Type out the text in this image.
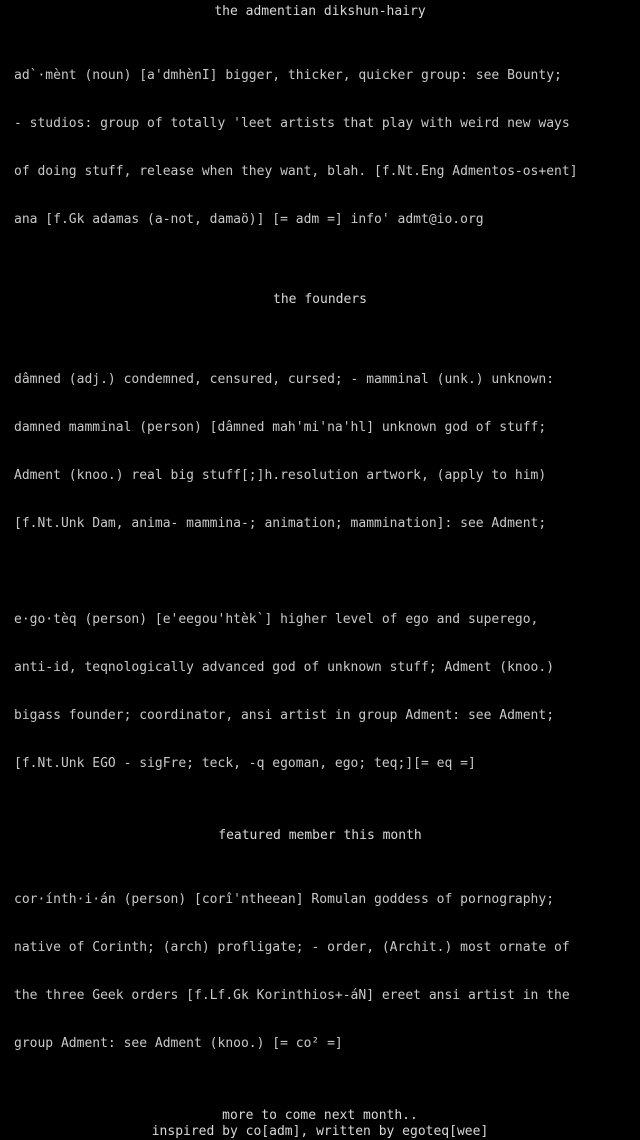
the admentian dikshun-hairy

ad`·mènt (noun) [a'dmhènI] bigger, thicker, quicker group: see Bounty;

- studios: group of totally 'leet artists that play with weird new ways

of doing stuff, release when they want, blah. [f.Nt.Eng Admentos-os+ent]

ana [f.Gk adamas (a-not, damaö)] [= adm =] info' admt@io.org

the founders

dâmned (adj.) condemned, censured, cursed; - mamminal (unk.) unknown:

damned mamminal (person) [dâmned mah'mi'na'hl] unknown god of stuff;

Adment (knoo.) real big stuff[;]h.resolution artwork, (apply to him)

[f.Nt.Unk Dam, anima- mammina-; animation; mammination]: see Adment;

e·go·tèq (person) [e'eegou'htèk`] higher level of ego and superego,

anti-id, teqnologically advanced god of unknown stuff; Adment (knoo.)

bigass founder; coordinator, ansi artist in group Adment: see Adment;

[f.Nt.Unk EGO - sigFre; teck, -q egoman, ego; teq;][= eq =]

featured member this month

cor·ínth·i·án (person) [corî'ntheean] Romulan goddess of pornography;

native of Corinth; (arch) profligate; - order, (Archit.) most ornate of

the three Geek orders [f.Lf.Gk Korinthios+-áN] ereet ansi artist in the

group Adment: see Adment (knoo.) [= co² =]

more to come next month..
inspired by co[adm], written by egoteq[wee]
